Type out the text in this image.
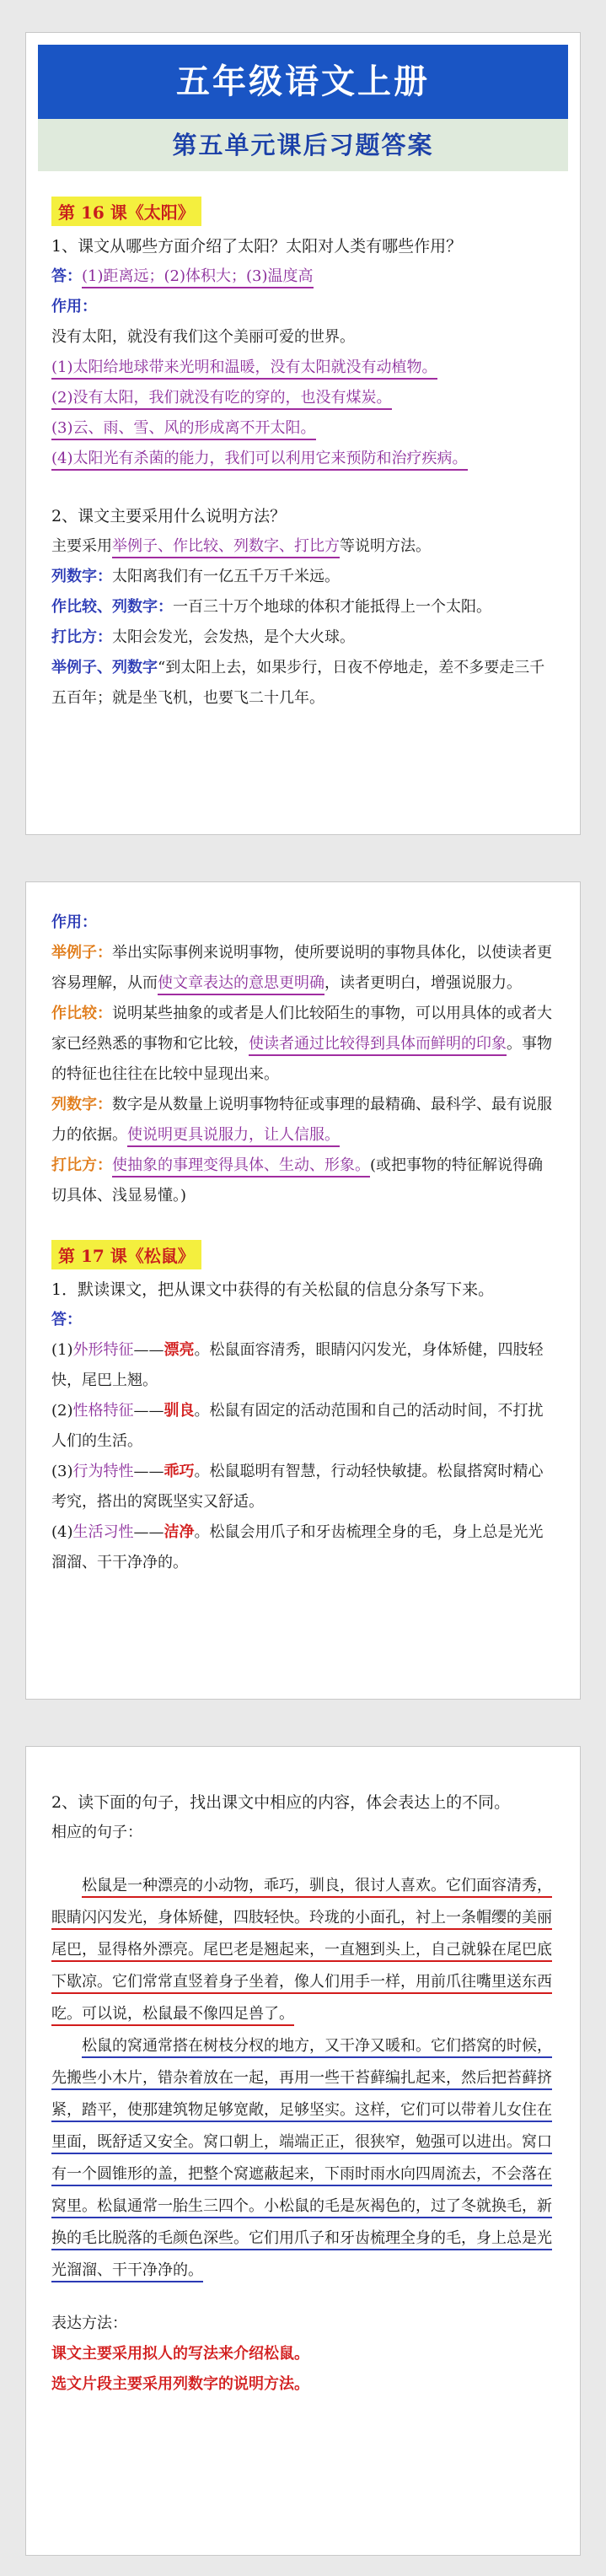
五年级语文上册
第五单元课后习题答案
第 16 课《太阳》
1、课文从哪些方面介绍了太阳？太阳对人类有哪些作用？
答：(1)距离远；(2)体积大；(3)温度高
作用：
没有太阳，就没有我们这个美丽可爱的世界。
(1)太阳给地球带来光明和温暖，没有太阳就没有动植物。
(2)没有太阳，我们就没有吃的穿的，也没有煤炭。
(3)云、雨、雪、风的形成离不开太阳。
(4)太阳光有杀菌的能力，我们可以利用它来预防和治疗疾病。
2、课文主要采用什么说明方法？
主要采用举例子、作比较、列数字、打比方等说明方法。
列数字：太阳离我们有一亿五千万千米远。
作比较、列数字：一百三十万个地球的体积才能抵得上一个太阳。
打比方：太阳会发光，会发热，是个大火球。
举例子、列数字“到太阳上去，如果步行，日夜不停地走，差不多要走三千五百年；就是坐飞机，也要飞二十几年。
作用：
举例子：举出实际事例来说明事物，使所要说明的事物具体化，以使读者更容易理解，从而使文章表达的意思更明确，读者更明白，增强说服力。
作比较：说明某些抽象的或者是人们比较陌生的事物，可以用具体的或者大家已经熟悉的事物和它比较，使读者通过比较得到具体而鲜明的印象。事物的特征也往往在比较中显现出来。
列数字：数字是从数量上说明事物特征或事理的最精确、最科学、最有说服力的依据。使说明更具说服力，让人信服。
打比方：使抽象的事理变得具体、生动、形象。(或把事物的特征解说得确切具体、浅显易懂。)
第 17 课《松鼠》
1．默读课文，把从课文中获得的有关松鼠的信息分条写下来。
答：
(1)外形特征——漂亮。松鼠面容清秀，眼睛闪闪发光，身体矫健，四肢轻快，尾巴上翘。
(2)性格特征——驯良。松鼠有固定的活动范围和自己的活动时间，不打扰人们的生活。
(3)行为特性——乖巧。松鼠聪明有智慧，行动轻快敏捷。松鼠搭窝时精心考究，搭出的窝既坚实又舒适。
(4)生活习性——洁净。松鼠会用爪子和牙齿梳理全身的毛，身上总是光光溜溜、干干净净的。
2、读下面的句子，找出课文中相应的内容，体会表达上的不同。
相应的句子：

松鼠是一种漂亮的小动物，乖巧，驯良，很讨人喜欢。它们面容清秀，眼睛闪闪发光，身体矫健，四肢轻快。玲珑的小面孔，衬上一条帽缨的美丽尾巴，显得格外漂亮。尾巴老是翘起来，一直翘到头上，自己就躲在尾巴底下歇凉。它们常常直竖着身子坐着，像人们用手一样，用前爪往嘴里送东西吃。可以说，松鼠最不像四足兽了。

松鼠的窝通常搭在树枝分杈的地方，又干净又暖和。它们搭窝的时候，先搬些小木片，错杂着放在一起，再用一些干苔藓编扎起来，然后把苔藓挤紧，踏平，使那建筑物足够宽敞，足够坚实。这样，它们可以带着儿女住在里面，既舒适又安全。窝口朝上，端端正正，很狭窄，勉强可以进出。窝口有一个圆锥形的盖，把整个窝遮蔽起来，下雨时雨水向四周流去，不会落在窝里。松鼠通常一胎生三四个。小松鼠的毛是灰褐色的，过了冬就换毛，新换的毛比脱落的毛颜色深些。它们用爪子和牙齿梳理全身的毛，身上总是光光溜溜、干干净净的。

表达方法：
课文主要采用拟人的写法来介绍松鼠。
选文片段主要采用列数字的说明方法。
